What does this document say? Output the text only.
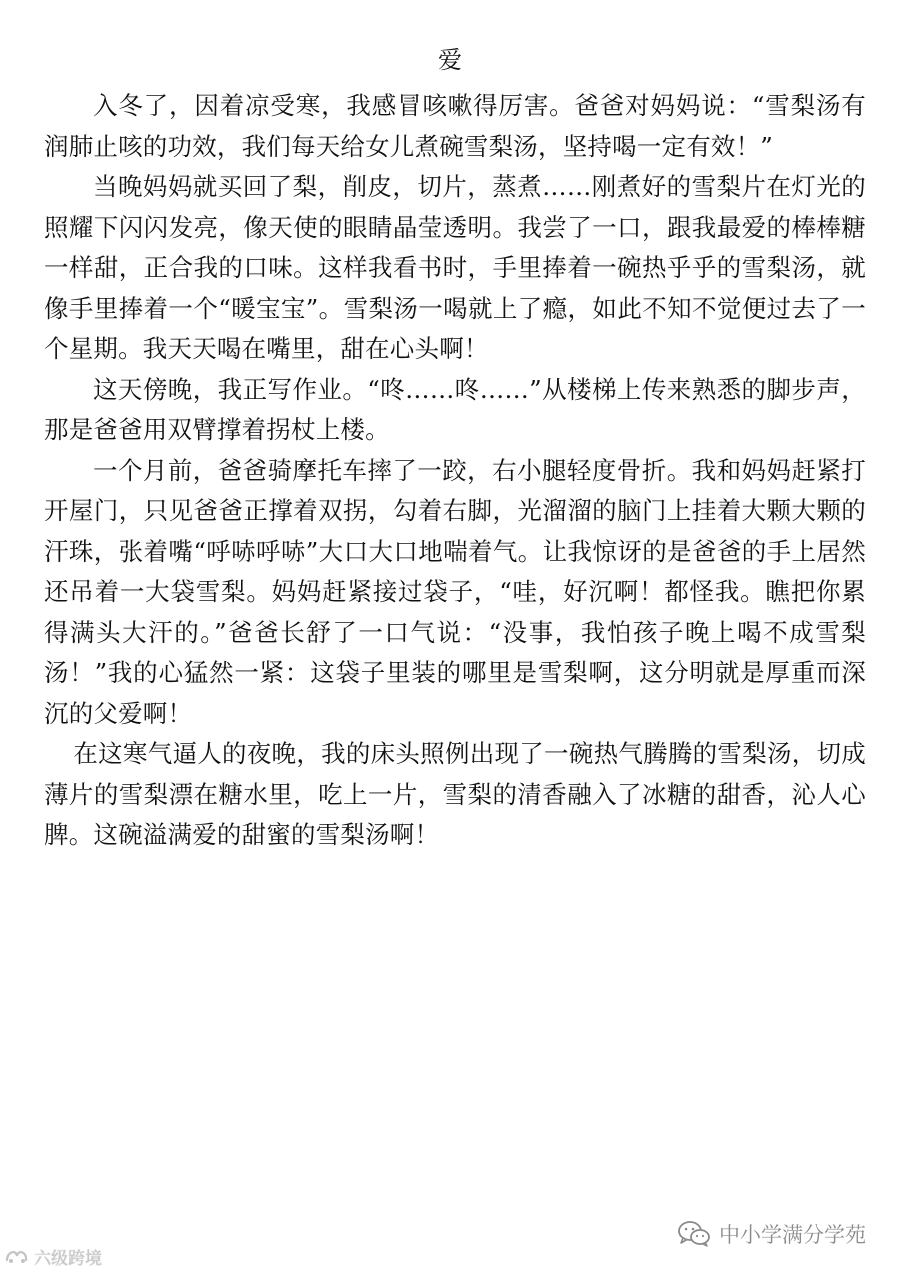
爱

入冬了，因着凉受寒，我感冒咳嗽得厉害。爸爸对妈妈说：“雪梨汤有润肺止咳的功效，我们每天给女儿煮碗雪梨汤，坚持喝一定有效！”

当晚妈妈就买回了梨，削皮，切片，蒸煮……刚煮好的雪梨片在灯光的照耀下闪闪发亮，像天使的眼睛晶莹透明。我尝了一口，跟我最爱的棒棒糖一样甜，正合我的口味。这样我看书时，手里捧着一碗热乎乎的雪梨汤，就像手里捧着一个“暖宝宝”。雪梨汤一喝就上了瘾，如此不知不觉便过去了一个星期。我天天喝在嘴里，甜在心头啊！

这天傍晚，我正写作业。“咚……咚……”从楼梯上传来熟悉的脚步声，那是爸爸用双臂撑着拐杖上楼。

一个月前，爸爸骑摩托车摔了一跤，右小腿轻度骨折。我和妈妈赶紧打开屋门，只见爸爸正撑着双拐，勾着右脚，光溜溜的脑门上挂着大颗大颗的汗珠，张着嘴“呼哧呼哧”大口大口地喘着气。让我惊讶的是爸爸的手上居然还吊着一大袋雪梨。妈妈赶紧接过袋子，“哇，好沉啊！都怪我。瞧把你累得满头大汗的。”爸爸长舒了一口气说：“没事，我怕孩子晚上喝不成雪梨汤！”我的心猛然一紧：这袋子里装的哪里是雪梨啊，这分明就是厚重而深沉的父爱啊！

在这寒气逼人的夜晚，我的床头照例出现了一碗热气腾腾的雪梨汤，切成薄片的雪梨漂在糖水里，吃上一片，雪梨的清香融入了冰糖的甜香，沁人心脾。这碗溢满爱的甜蜜的雪梨汤啊！

六级跨境
中小学满分学苑
